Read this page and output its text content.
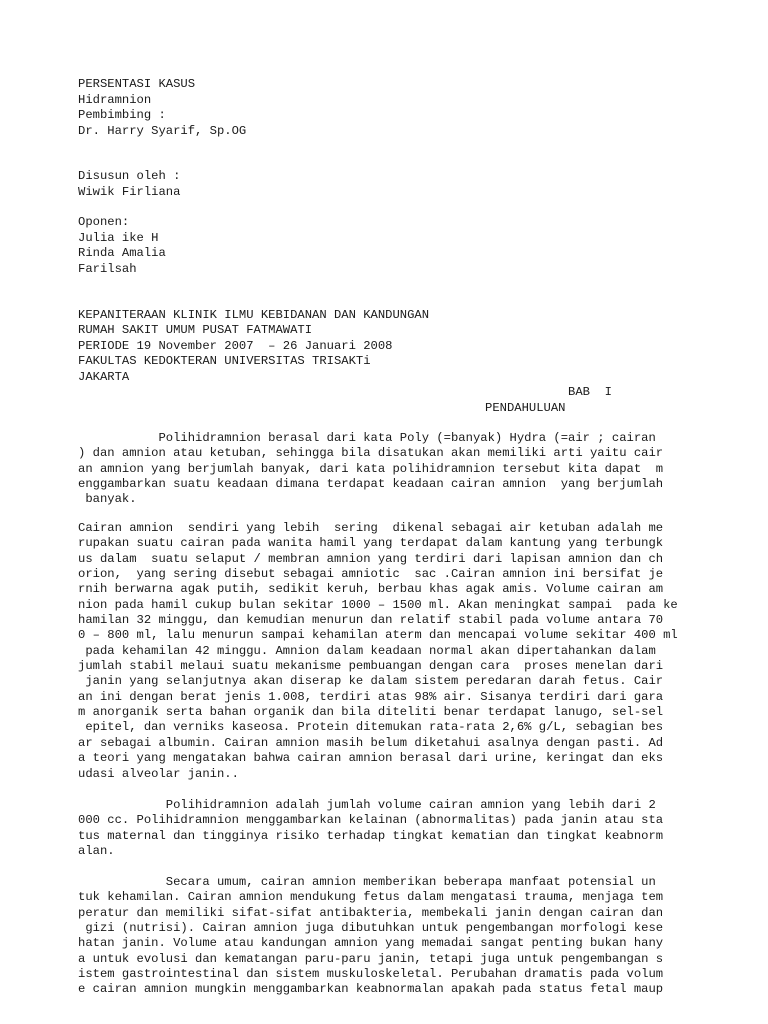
PERSENTASI KASUS
Hidramnion
Pembimbing :
Dr. Harry Syarif, Sp.OG
Disusun oleh :
Wiwik Firliana
Oponen:
Julia ike H
Rinda Amalia
Farilsah
KEPANITERAAN KLINIK ILMU KEBIDANAN DAN KANDUNGAN
RUMAH SAKIT UMUM PUSAT FATMAWATI
PERIODE 19 November 2007  – 26 Januari 2008
FAKULTAS KEDOKTERAN UNIVERSITAS TRISAKTi
JAKARTA
BAB  I
PENDAHULUAN
Polihidramnion berasal dari kata Poly (=banyak) Hydra (=air ; cairan
) dan amnion atau ketuban, sehingga bila disatukan akan memiliki arti yaitu cair
an amnion yang berjumlah banyak, dari kata polihidramnion tersebut kita dapat  m
enggambarkan suatu keadaan dimana terdapat keadaan cairan amnion  yang berjumlah
banyak.
Cairan amnion  sendiri yang lebih  sering  dikenal sebagai air ketuban adalah me
rupakan suatu cairan pada wanita hamil yang terdapat dalam kantung yang terbungk
us dalam  suatu selaput / membran amnion yang terdiri dari lapisan amnion dan ch
orion,  yang sering disebut sebagai amniotic  sac .Cairan amnion ini bersifat je
rnih berwarna agak putih, sedikit keruh, berbau khas agak amis. Volume cairan am
nion pada hamil cukup bulan sekitar 1000 – 1500 ml. Akan meningkat sampai  pada ke
hamilan 32 minggu, dan kemudian menurun dan relatif stabil pada volume antara 70
0 – 800 ml, lalu menurun sampai kehamilan aterm dan mencapai volume sekitar 400 ml
pada kehamilan 42 minggu. Amnion dalam keadaan normal akan dipertahankan dalam
jumlah stabil melaui suatu mekanisme pembuangan dengan cara  proses menelan dari
janin yang selanjutnya akan diserap ke dalam sistem peredaran darah fetus. Cair
an ini dengan berat jenis 1.008, terdiri atas 98% air. Sisanya terdiri dari gara
m anorganik serta bahan organik dan bila diteliti benar terdapat lanugo, sel-sel
epitel, dan verniks kaseosa. Protein ditemukan rata-rata 2,6% g/L, sebagian bes
ar sebagai albumin. Cairan amnion masih belum diketahui asalnya dengan pasti. Ad
a teori yang mengatakan bahwa cairan amnion berasal dari urine, keringat dan eks
udasi alveolar janin..
Polihidramnion adalah jumlah volume cairan amnion yang lebih dari 2
000 cc. Polihidramnion menggambarkan kelainan (abnormalitas) pada janin atau sta
tus maternal dan tingginya risiko terhadap tingkat kematian dan tingkat keabnorm
alan.
Secara umum, cairan amnion memberikan beberapa manfaat potensial un
tuk kehamilan. Cairan amnion mendukung fetus dalam mengatasi trauma, menjaga tem
peratur dan memiliki sifat-sifat antibakteria, membekali janin dengan cairan dan
gizi (nutrisi). Cairan amnion juga dibutuhkan untuk pengembangan morfologi kese
hatan janin. Volume atau kandungan amnion yang memadai sangat penting bukan hany
a untuk evolusi dan kematangan paru-paru janin, tetapi juga untuk pengembangan s
istem gastrointestinal dan sistem muskuloskeletal. Perubahan dramatis pada volum
e cairan amnion mungkin menggambarkan keabnormalan apakah pada status fetal maup
